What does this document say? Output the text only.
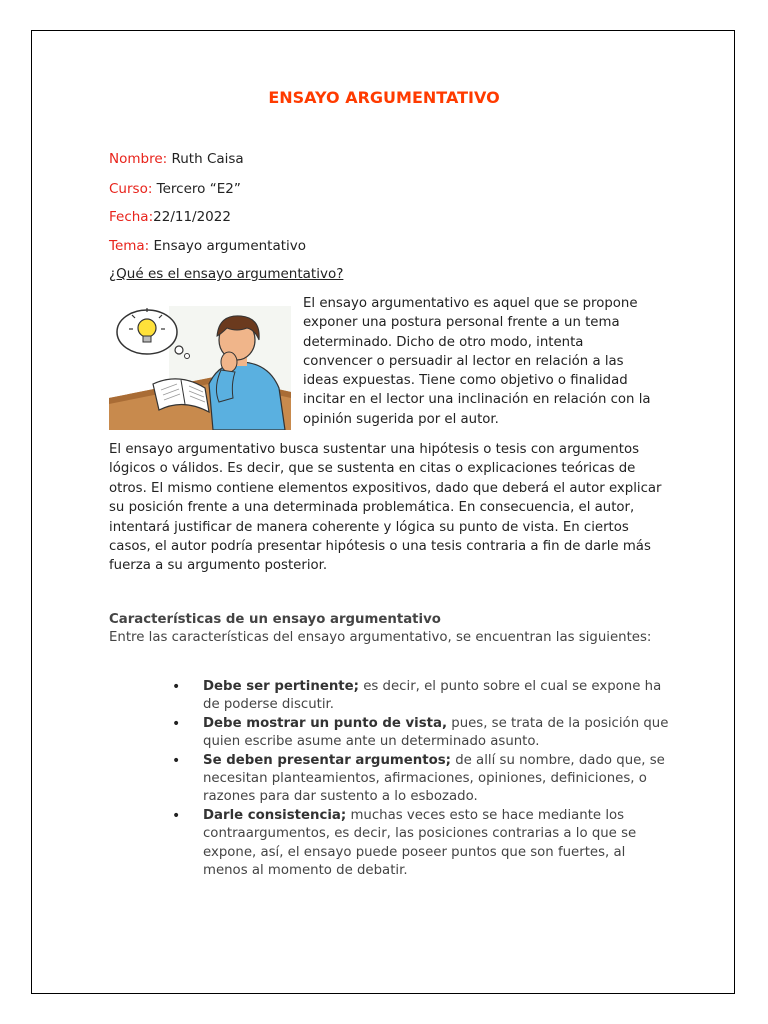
ENSAYO ARGUMENTATIVO
Nombre: Ruth Caisa
Curso: Tercero “E2”
Fecha:22/11/2022
Tema: Ensayo argumentativo
¿Qué es el ensayo argumentativo?
El ensayo argumentativo es aquel que se propone exponer una postura personal frente a un tema determinado. Dicho de otro modo, intenta convencer o persuadir al lector en relación a las ideas expuestas. Tiene como objetivo o finalidad incitar en el lector una inclinación en relación con la opinión sugerida por el autor.
El ensayo argumentativo busca sustentar una hipótesis o tesis con argumentos lógicos o válidos. Es decir, que se sustenta en citas o explicaciones teóricas de otros. El mismo contiene elementos expositivos, dado que deberá el autor explicar su posición frente a una determinada problemática. En consecuencia, el autor, intentará justificar de manera coherente y lógica su punto de vista. En ciertos casos, el autor podría presentar hipótesis o una tesis contraria a fin de darle más fuerza a su argumento posterior.
Características de un ensayo argumentativo
Entre las características del ensayo argumentativo, se encuentran las siguientes:
• Debe ser pertinente; es decir, el punto sobre el cual se expone ha de poderse discutir.
• Debe mostrar un punto de vista, pues, se trata de la posición que quien escribe asume ante un determinado asunto.
• Se deben presentar argumentos; de allí su nombre, dado que, se necesitan planteamientos, afirmaciones, opiniones, definiciones, o razones para dar sustento a lo esbozado.
• Darle consistencia; muchas veces esto se hace mediante los contraargumentos, es decir, las posiciones contrarias a lo que se expone, así, el ensayo puede poseer puntos que son fuertes, al menos al momento de debatir.
